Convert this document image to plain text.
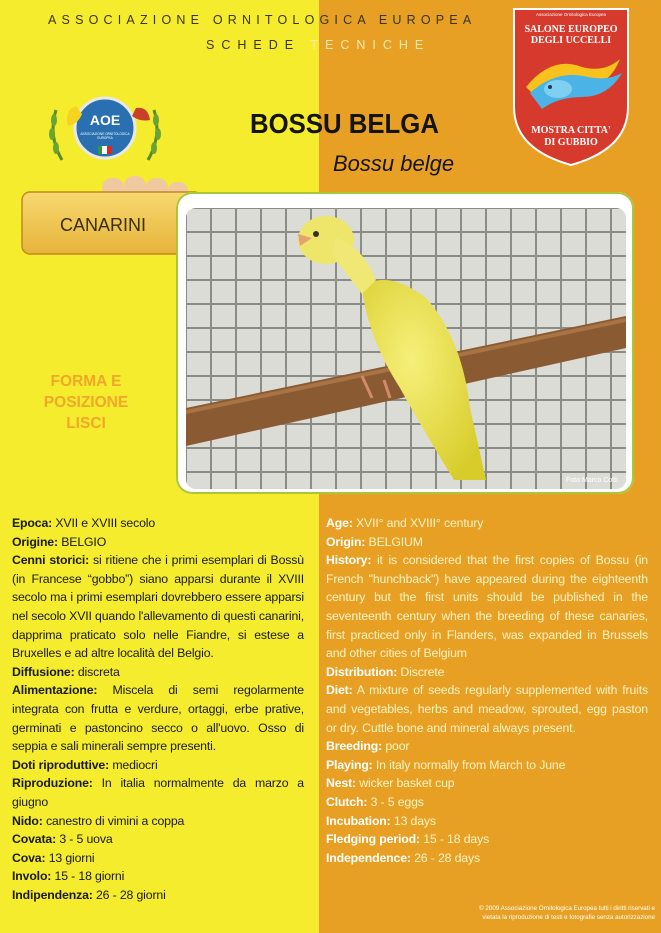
ASSOCIAZIONE ORNITOLOGICA EUROPEA
SCHEDE TECNICHE
Associazione Ornitologica Europea
SALONE EUROPEO
DEGLI UCCELLI
MOSTRA CITTA'
DI GUBBIO
AOE
ASSOCIAZIONE ORNITOLOGICA EUROPEA	BOSSU BELGA
Bossu belge
CANARINI
FORMA E
POSIZIONE
LISCI
Foto Marco Cotti

Epoca: XVII e XVIII secolo

Origine: BELGIO

Cenni storici: si ritiene che i primi esemplari di Bossù (in Francese “gobbo”) siano apparsi durante il XVIII secolo ma i primi esemplari dovrebbero essere apparsi nel secolo XVII quando l'allevamento di questi canarini, dapprima praticato solo nelle Fiandre, si estese a Bruxelles e ad altre località del Belgio.

Diffusione: discreta

Alimentazione: Miscela di semi regolarmente integrata con frutta e verdure, ortaggi, erbe prative, germinati e pastoncino secco o all'uovo. Osso di seppia e sali minerali sempre presenti.

Doti riproduttive: mediocri

Riproduzione: In italia normalmente da marzo a giugno

Nido: canestro di vimini a coppa

Covata: 3 - 5 uova

Cova: 13 giorni

Involo: 15 - 18 giorni

Indipendenza: 26 - 28 giorni

Age: XVII° and XVIII° century

Origin: BELGIUM

History: it is considered that the first copies of Bossu (in French "hunchback") have appeared during the eighteenth century but the first units should be published in the seventeenth century when the breeding of these canaries, first practiced only in Flanders, was expanded in Brussels and other cities of Belgium

Distribution: Discrete

Diet: A mixture of seeds regularly supplemented with fruits and vegetables, herbs and meadow, sprouted, egg paston or dry. Cuttle bone and mineral always present.

Breeding: poor

Playing: In italy normally from March to June

Nest: wicker basket cup

Clutch: 3 - 5 eggs

Incubation: 13 days

Fledging period: 15 - 18 days

Independence: 26 - 28 days

© 2009 Associazione Ornitologica Europea tutti i diritti riservati e
vietata la riproduzione di testi e fotografie senza autorizzazione
